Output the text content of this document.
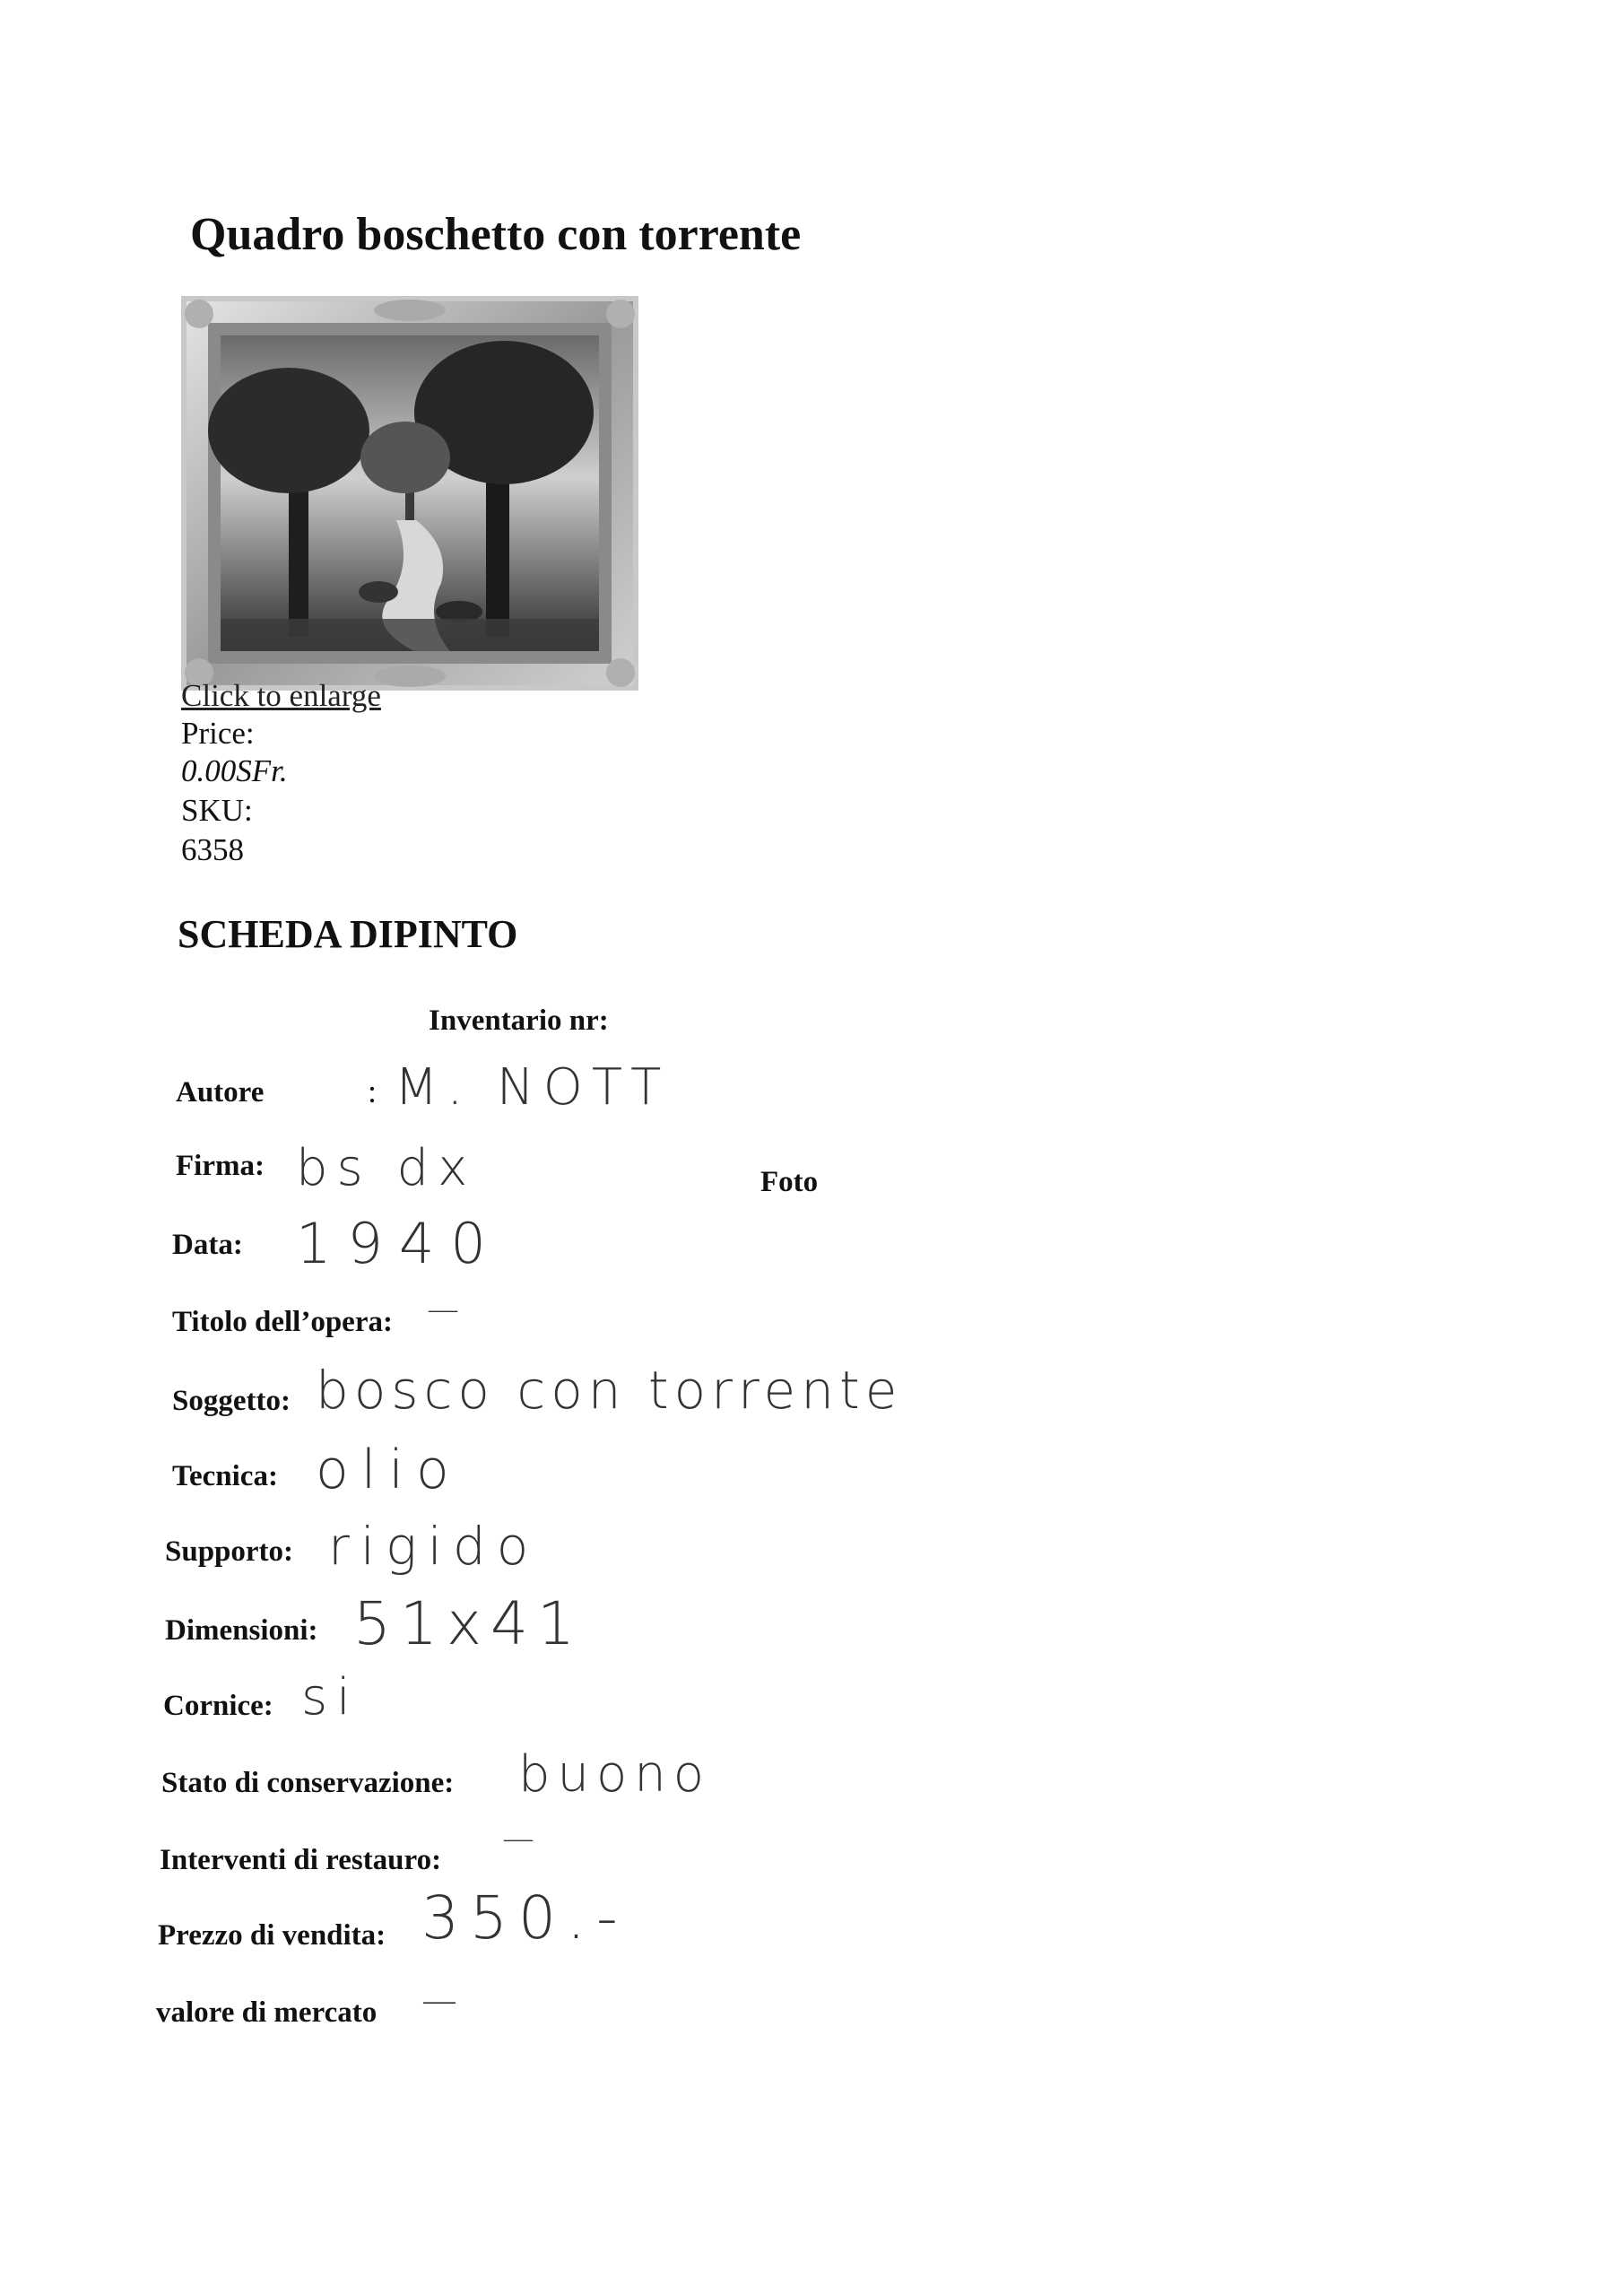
Quadro boschetto con torrente
Click to enlarge
Price:
0.00SFr.
SKU:
6358
SCHEDA DIPINTO
Inventario nr:
Foto
Autore	: M. NOTT
Firma: bs dx
Data: 1940
Titolo dell’opera: —
Soggetto: bosco con torrente
Tecnica: olio
Supporto: rigido
Dimensioni: 51x41
Cornice: si
Stato di conservazione: buono
Interventi di restauro:
—
Prezzo di vendita: 350.-
valore di mercato —
